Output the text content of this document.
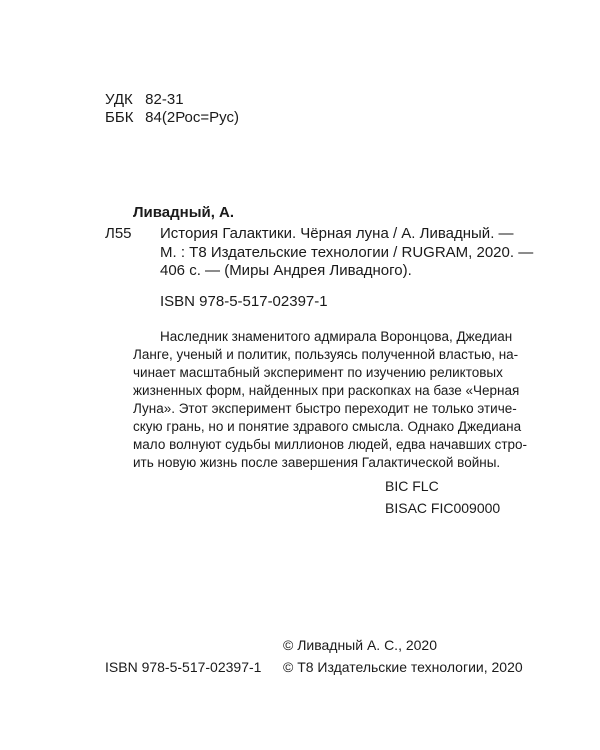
УДК 82-31
ББК 84(2Рос=Рус)
Ливадный, А.
Л55 История Галактики. Чёрная луна / А. Ливадный. —
М. : Т8 Издательские технологии / RUGRAM, 2020. —
406 с. — (Миры Андрея Ливадного).
ISBN 978-5-517-02397-1
Наследник знаменитого адмирала Воронцова, Джедиан
Ланге, ученый и политик, пользуясь полученной властью, на-
чинает масштабный эксперимент по изучению реликтовых
жизненных форм, найденных при раскопках на базе «Черная
Луна». Этот эксперимент быстро переходит не только этиче-
скую грань, но и понятие здравого смысла. Однако Джедиана
мало волнуют судьбы миллионов людей, едва начавших стро-
ить новую жизнь после завершения Галактической войны.
BIC FLC
BISAC FIC009000
© Ливадный А. С., 2020
© Т8 Издательские технологии, 2020
ISBN 978-5-517-02397-1
